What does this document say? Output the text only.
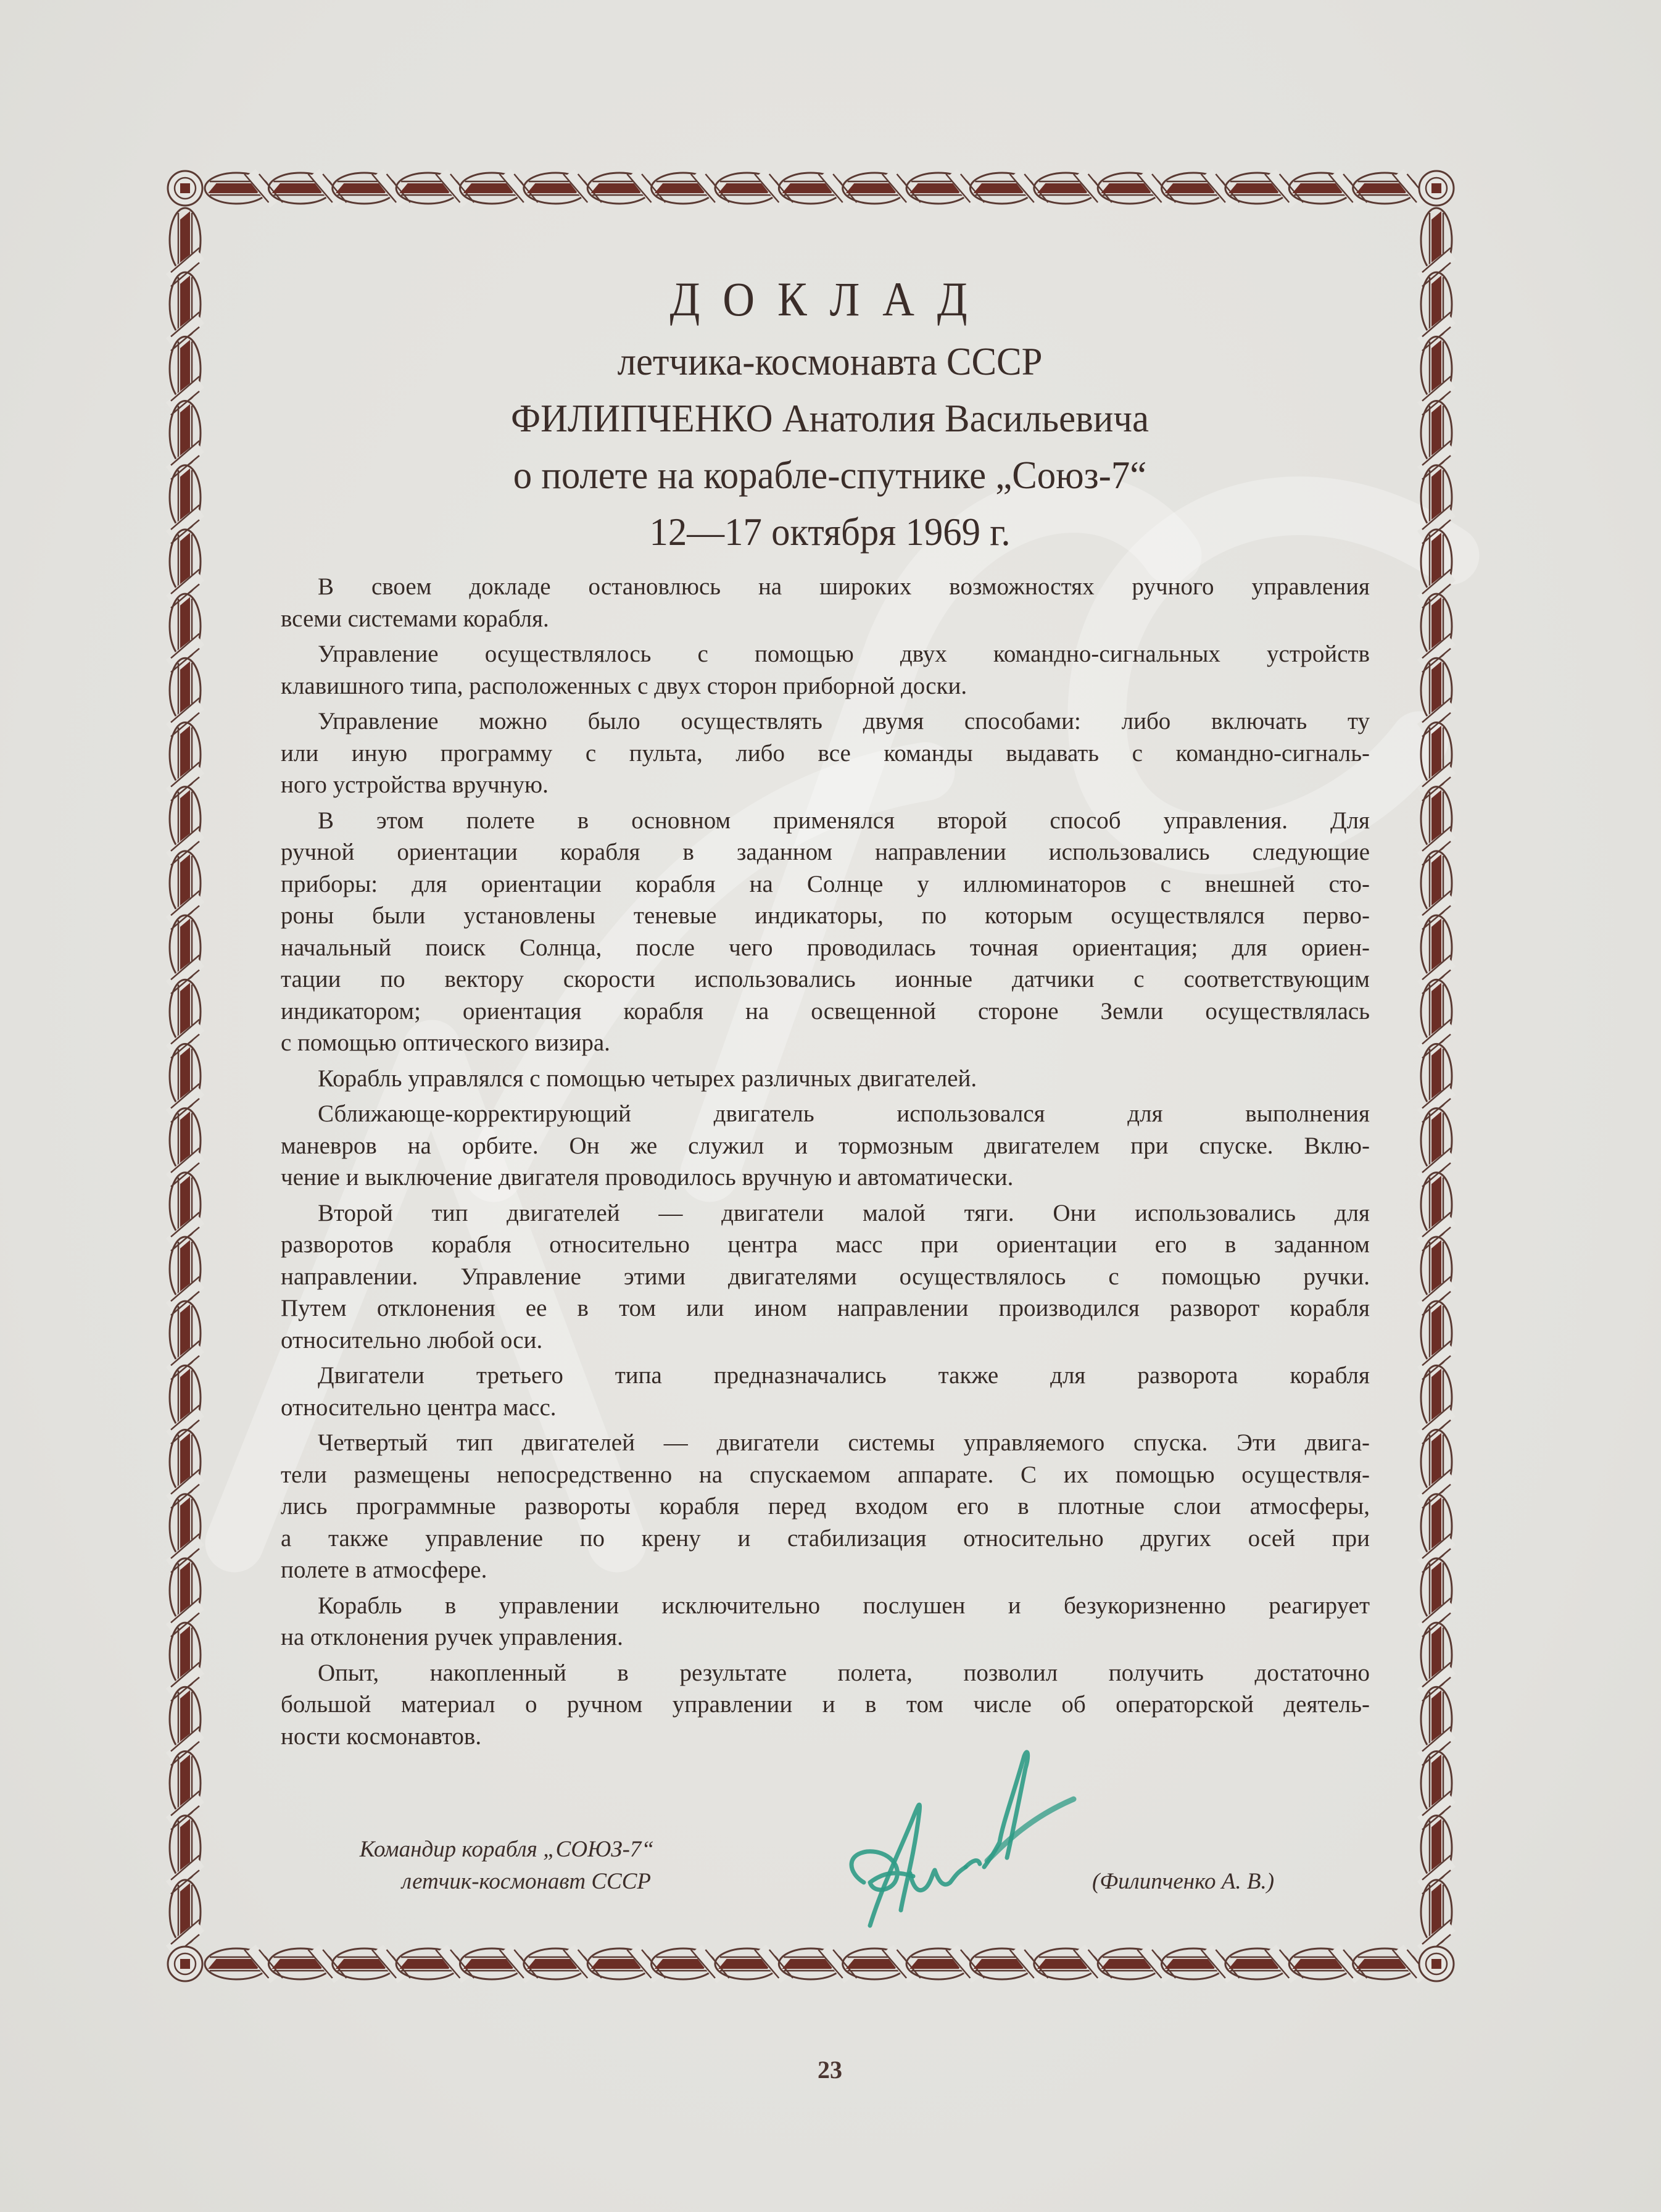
ДОКЛАД
летчика-космонавта СССР
ФИЛИПЧЕНКО Анатолия Васильевича
о полете на корабле-спутнике „Союз-7“
12—17 октября 1969 г.
В своем докладе остановлюсь на широких возможностях ручного управления
всеми системами корабля.
Управление осуществлялось с помощью двух командно-сигнальных устройств
клавишного типа, расположенных с двух сторон приборной доски.
Управление можно было осуществлять двумя способами: либо включать ту
или иную программу с пульта, либо все команды выдавать с командно-сигналь-
ного устройства вручную.
В этом полете в основном применялся второй способ управления. Для
ручной ориентации корабля в заданном направлении использовались следующие
приборы: для ориентации корабля на Солнце у иллюминаторов с внешней сто-
роны были установлены теневые индикаторы, по которым осуществлялся перво-
начальный поиск Солнца, после чего проводилась точная ориентация; для ориен-
тации по вектору скорости использовались ионные датчики с соответствующим
индикатором; ориентация корабля на освещенной стороне Земли осуществлялась
с помощью оптического визира.
Корабль управлялся с помощью четырех различных двигателей.
Сближающе-корректирующий двигатель использовался для выполнения
маневров на орбите. Он же служил и тормозным двигателем при спуске. Вклю-
чение и выключение двигателя проводилось вручную и автоматически.
Второй тип двигателей — двигатели малой тяги. Они использовались для
разворотов корабля относительно центра масс при ориентации его в заданном
направлении. Управление этими двигателями осуществлялось с помощью ручки.
Путем отклонения ее в том или ином направлении производился разворот корабля
относительно любой оси.
Двигатели третьего типа предназначались также для разворота корабля
относительно центра масс.
Четвертый тип двигателей — двигатели системы управляемого спуска. Эти двига-
тели размещены непосредственно на спускаемом аппарате. С их помощью осуществля-
лись программные развороты корабля перед входом его в плотные слои атмосферы,
а также управление по крену и стабилизация относительно других осей при
полете в атмосфере.
Корабль в управлении исключительно послушен и безукоризненно реагирует
на отклонения ручек управления.
Опыт, накопленный в результате полета, позволил получить достаточно
большой материал о ручном управлении и в том числе об операторской деятель-
ности космонавтов.
Командир корабля „СОЮЗ-7“
летчик-космонавт СССР	(Филипченко А. В.)
23
